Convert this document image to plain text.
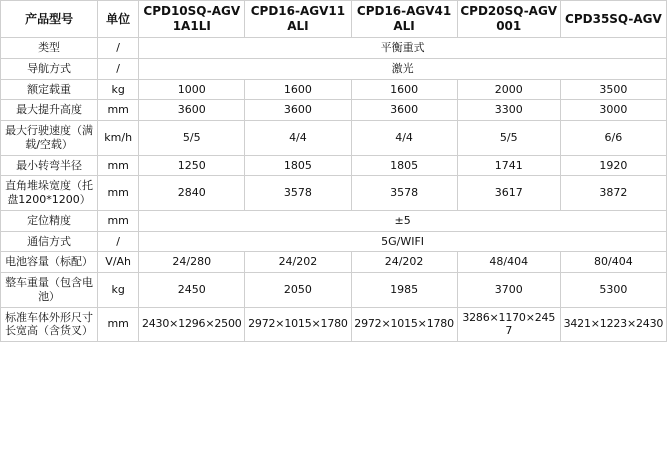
产品型号	单位	CPD10SQ-AGV1A1LI	CPD16-AGV11ALI	CPD16-AGV41ALI	CPD20SQ-AGV001	CPD35SQ-AGV
类型	/	平衡重式				
导航方式	/	激光				
额定载重	kg	1000	1600	1600	2000	3500
最大提升高度	mm	3600	3600	3600	3300	3000
最大行驶速度（满载/空载）	km/h	5/5	4/4	4/4	5/5	6/6
最小转弯半径	mm	1250	1805	1805	1741	1920
直角堆垛宽度（托盘1200*1200）	mm	2840	3578	3578	3617	3872
定位精度	mm	±5				
通信方式	/	5G/WIFI				
电池容量（标配）	V/Ah	24/280	24/202	24/202	48/404	80/404
整车重量（包含电池）	kg	2450	2050	1985	3700	5300
标准车体外形尺寸长宽高（含货叉）	mm	2430×1296×2500	2972×1015×1780	2972×1015×1780	3286×1170×2457	3421×1223×2430
